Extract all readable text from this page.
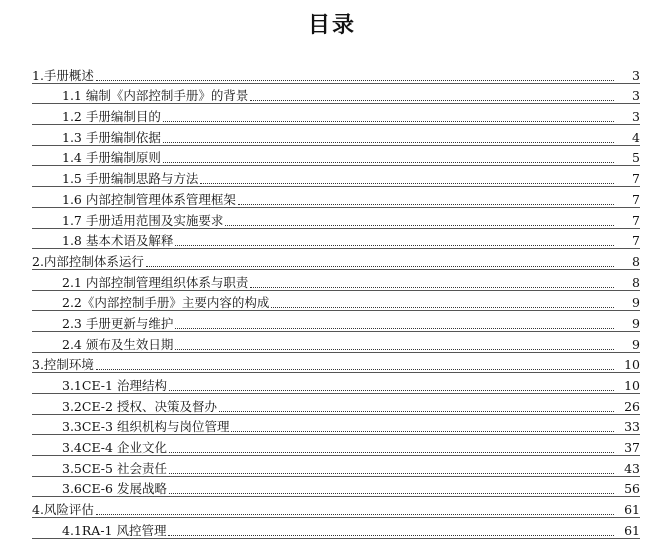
目录
1.手册概述	3
1.1 编制《内部控制手册》的背景	3
1.2 手册编制目的	3
1.3 手册编制依据	4
1.4 手册编制原则	5
1.5 手册编制思路与方法	7
1.6 内部控制管理体系管理框架	7
1.7 手册适用范围及实施要求	7
1.8 基本术语及解释	7
2.内部控制体系运行	8
2.1 内部控制管理组织体系与职责	8
2.2《内部控制手册》主要内容的构成	9
2.3 手册更新与维护	9
2.4 颁布及生效日期	9
3.控制环境	10
3.1CE-1 治理结构	10
3.2CE-2 授权、决策及督办	26
3.3CE-3 组织机构与岗位管理	33
3.4CE-4 企业文化	37
3.5CE-5 社会责任	43
3.6CE-6 发展战略	56
4.风险评估	61
4.1RA-1 风控管理	61
